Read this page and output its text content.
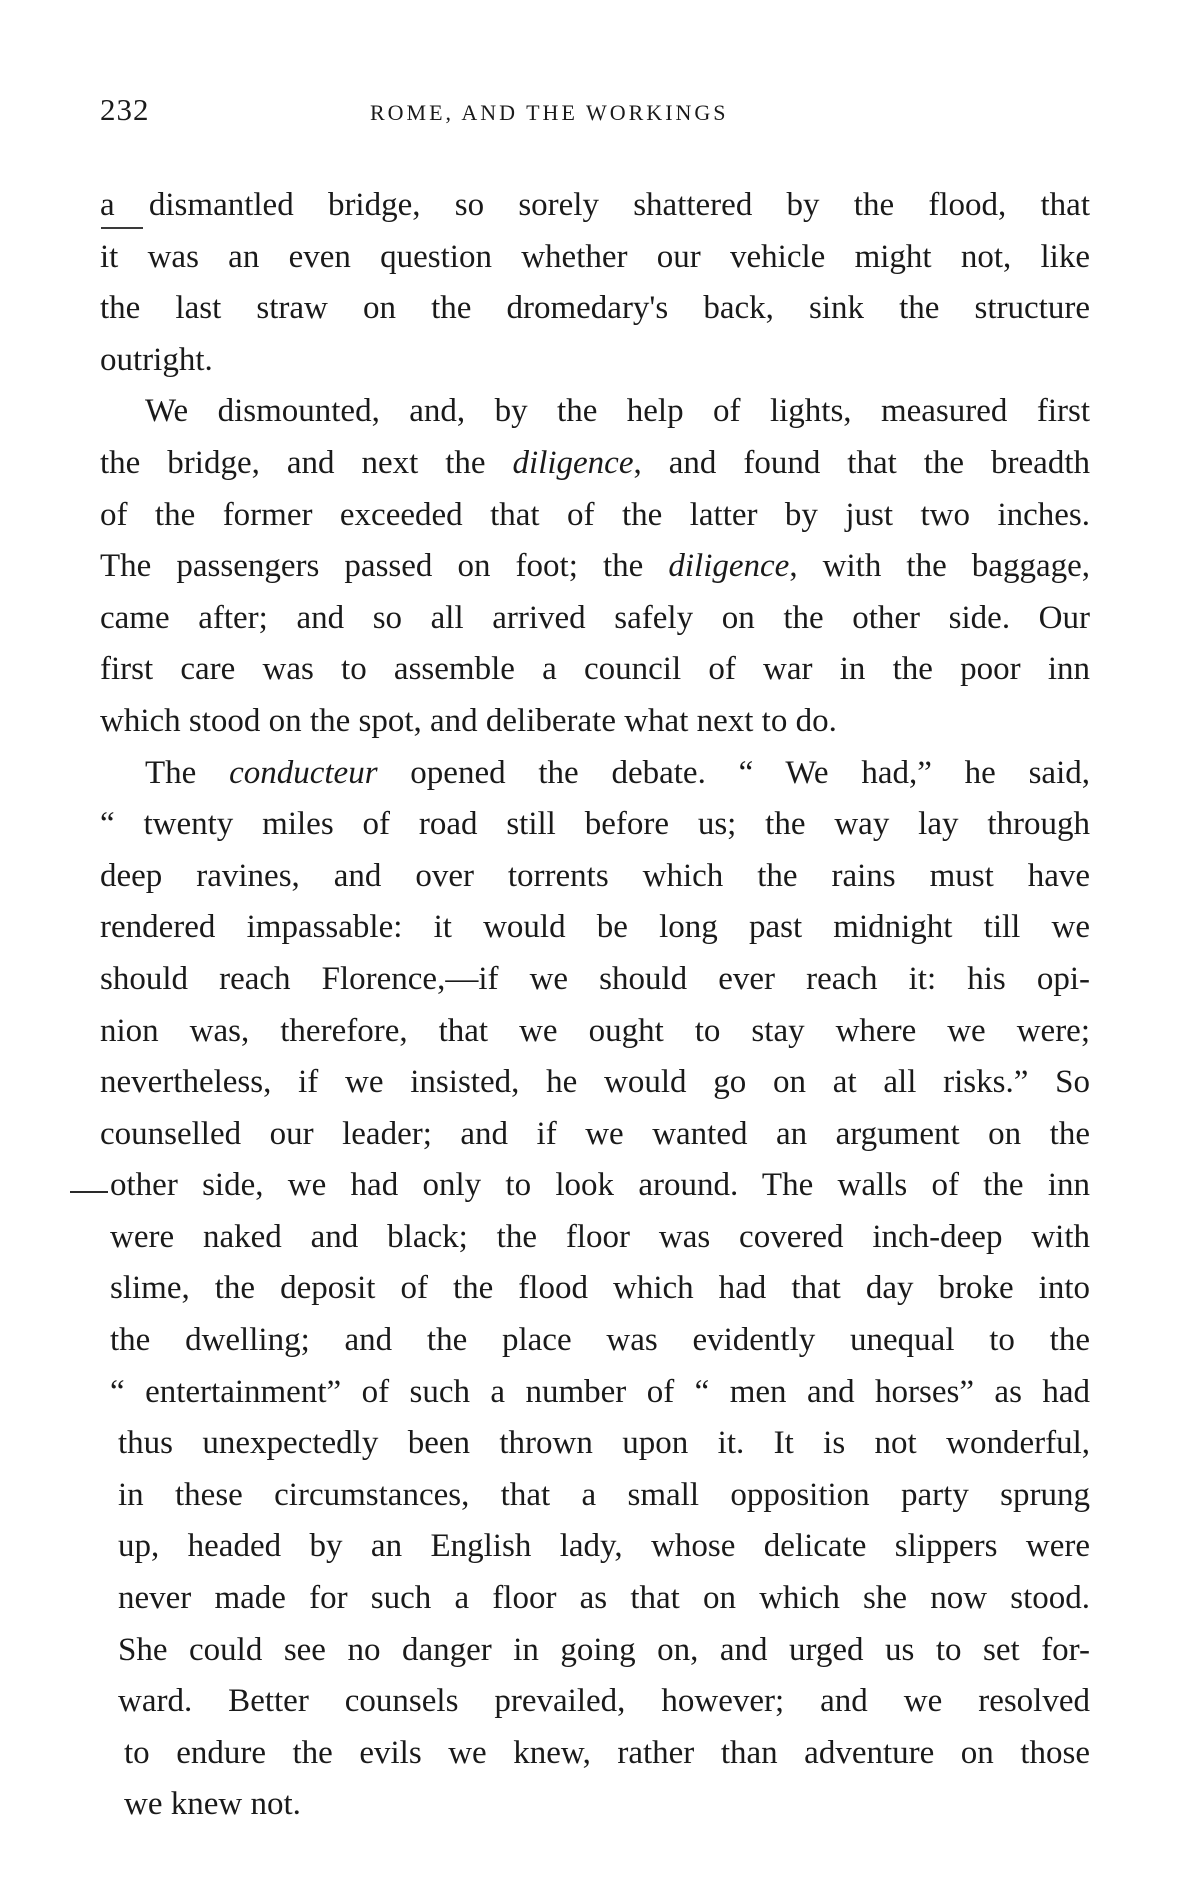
232	ROME, AND THE WORKINGS
a dismantled bridge, so sorely shattered by the flood, that
it was an even question whether our vehicle might not, like
the last straw on the dromedary's back, sink the structure
outright.
We dismounted, and, by the help of lights, measured first
the bridge, and next the diligence, and found that the breadth
of the former exceeded that of the latter by just two inches.
The passengers passed on foot; the diligence, with the baggage,
came after; and so all arrived safely on the other side. Our
first care was to assemble a council of war in the poor inn
which stood on the spot, and deliberate what next to do.
The conducteur opened the debate. “ We had,” he said,
“ twenty miles of road still before us; the way lay through
deep ravines, and over torrents which the rains must have
rendered impassable: it would be long past midnight till we
should reach Florence,—if we should ever reach it: his opi-
nion was, therefore, that we ought to stay where we were;
nevertheless, if we insisted, he would go on at all risks.” So
counselled our leader; and if we wanted an argument on the
other side, we had only to look around. The walls of the inn
were naked and black; the floor was covered inch-deep with
slime, the deposit of the flood which had that day broke into
the dwelling; and the place was evidently unequal to the
“ entertainment” of such a number of “ men and horses” as had
thus unexpectedly been thrown upon it. It is not wonderful,
in these circumstances, that a small opposition party sprung
up, headed by an English lady, whose delicate slippers were
never made for such a floor as that on which she now stood.
She could see no danger in going on, and urged us to set for-
ward. Better counsels prevailed, however; and we resolved
to endure the evils we knew, rather than adventure on those
we knew not.
